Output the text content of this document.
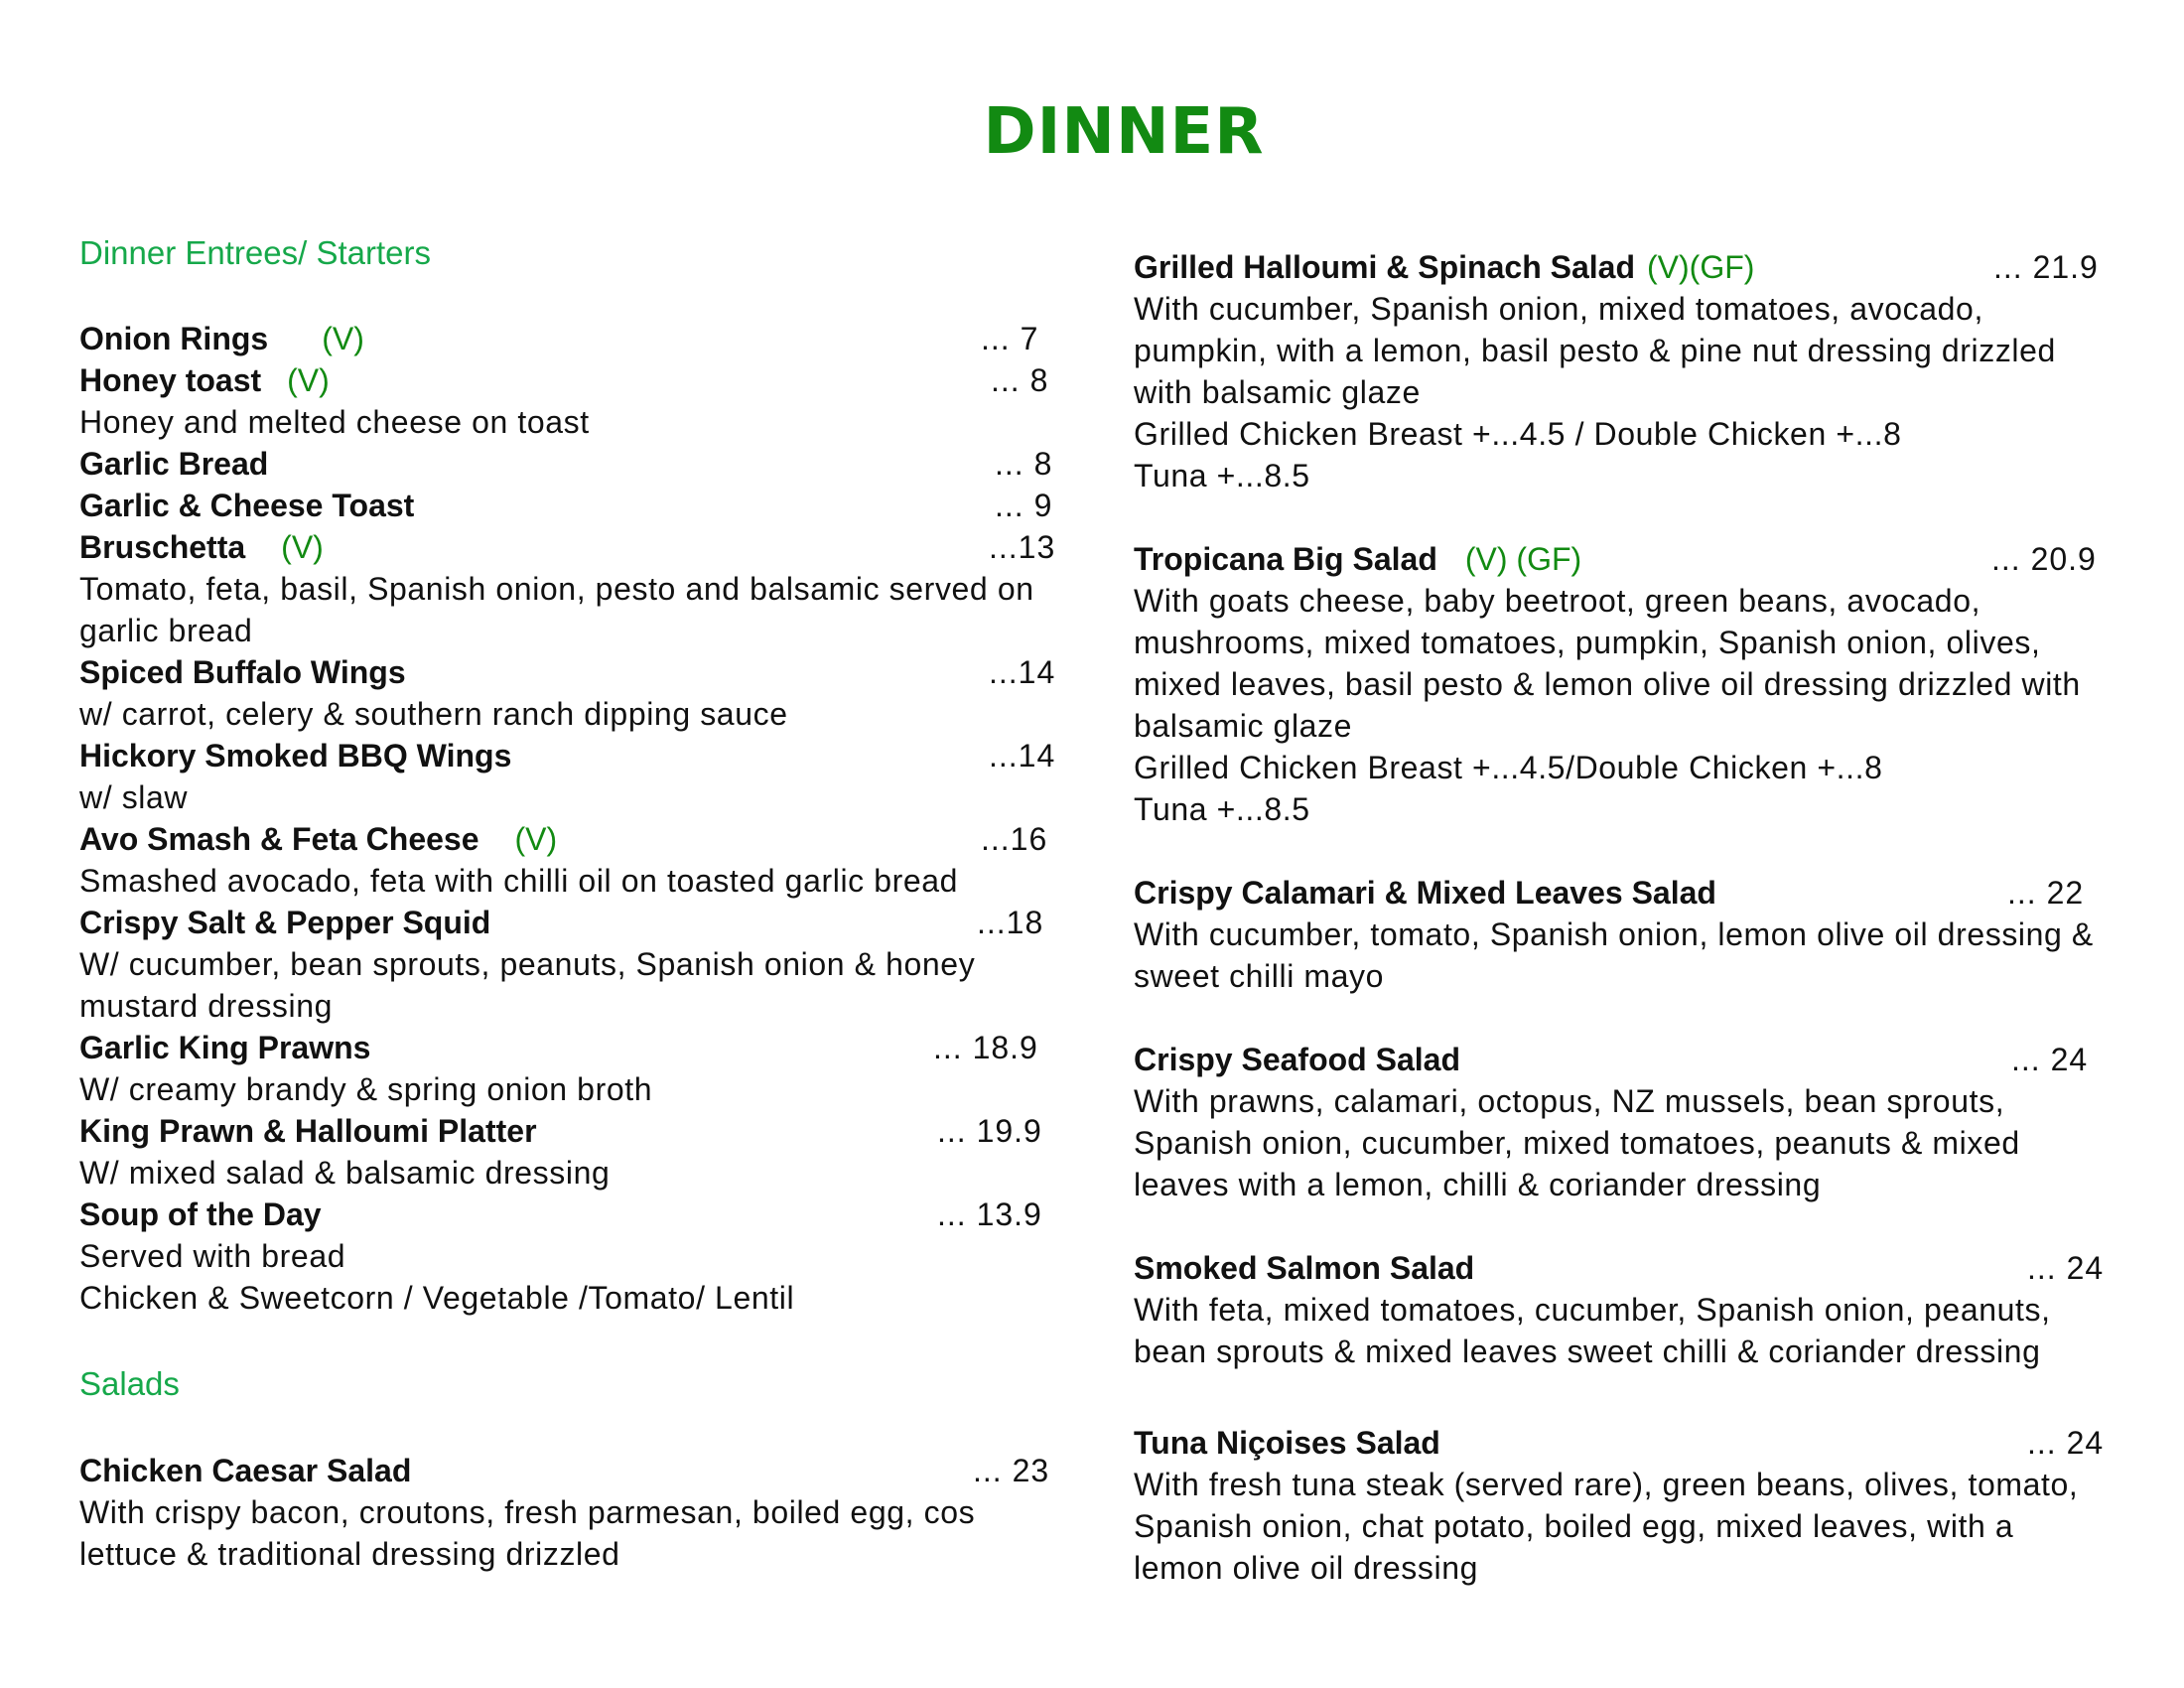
DINNER
Dinner Entrees/ Starters
Onion Rings (V)	... 7
Honey toast (V)	... 8
Honey and melted cheese on toast
Garlic Bread	... 8
Garlic & Cheese Toast	... 9
Bruschetta (V)	...13
Tomato, feta, basil, Spanish onion, pesto and balsamic served on
garlic bread
Spiced Buffalo Wings	...14
w/ carrot, celery & southern ranch dipping sauce
Hickory Smoked BBQ Wings	...14
w/ slaw
Avo Smash & Feta Cheese (V)	...16
Smashed avocado, feta with chilli oil on toasted garlic bread
Crispy Salt & Pepper Squid	...18
W/ cucumber, bean sprouts, peanuts, Spanish onion & honey
mustard dressing
Garlic King Prawns	... 18.9
W/ creamy brandy & spring onion broth
King Prawn & Halloumi Platter	... 19.9
W/ mixed salad & balsamic dressing
Soup of the Day	... 13.9
Served with bread
Chicken & Sweetcorn / Vegetable /Tomato/ Lentil
Salads
Chicken Caesar Salad	... 23
With crispy bacon, croutons, fresh parmesan, boiled egg, cos
lettuce & traditional dressing drizzled
Grilled Halloumi & Spinach Salad (V)(GF)	... 21.9
With cucumber, Spanish onion, mixed tomatoes, avocado,
pumpkin, with a lemon, basil pesto & pine nut dressing drizzled
with balsamic glaze
Grilled Chicken Breast +...4.5 / Double Chicken +...8
Tuna +...8.5
Tropicana Big Salad (V) (GF)	... 20.9
With goats cheese, baby beetroot, green beans, avocado,
mushrooms, mixed tomatoes, pumpkin, Spanish onion, olives,
mixed leaves, basil pesto & lemon olive oil dressing drizzled with
balsamic glaze
Grilled Chicken Breast +...4.5/Double Chicken +...8
Tuna +...8.5
Crispy Calamari & Mixed Leaves Salad	... 22
With cucumber, tomato, Spanish onion, lemon olive oil dressing &
sweet chilli mayo
Crispy Seafood Salad	... 24
With prawns, calamari, octopus, NZ mussels, bean sprouts,
Spanish onion, cucumber, mixed tomatoes, peanuts & mixed
leaves with a lemon, chilli & coriander dressing
Smoked Salmon Salad	... 24
With feta, mixed tomatoes, cucumber, Spanish onion, peanuts,
bean sprouts & mixed leaves sweet chilli & coriander dressing
Tuna Niçoises Salad	... 24
With fresh tuna steak (served rare), green beans, olives, tomato,
Spanish onion, chat potato, boiled egg, mixed leaves, with a
lemon olive oil dressing
